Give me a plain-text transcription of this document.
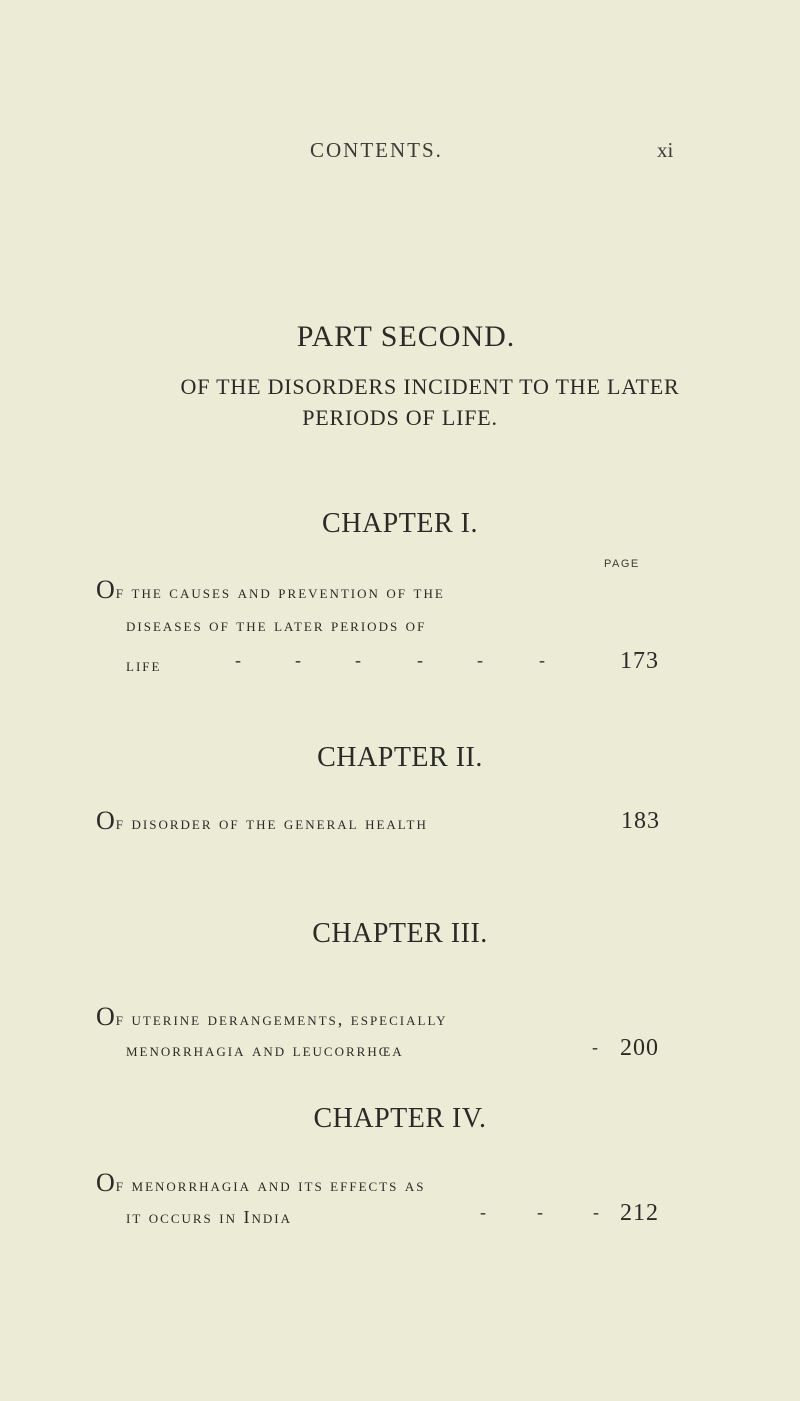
CONTENTS.	xi
PART SECOND.
OF THE DISORDERS INCIDENT TO THE LATER
PERIODS OF LIFE.
CHAPTER I.
PAGE
Of the causes and prevention of the
diseases of the later periods of
life	-	-	-	-	-	-	173
CHAPTER II.
Of disorder of the general health	183
CHAPTER III.
Of uterine derangements, especially
menorrhagia and leucorrhœa	- 200
CHAPTER IV.
Of menorrhagia and its effects as
it occurs in India	-	-	- 212
